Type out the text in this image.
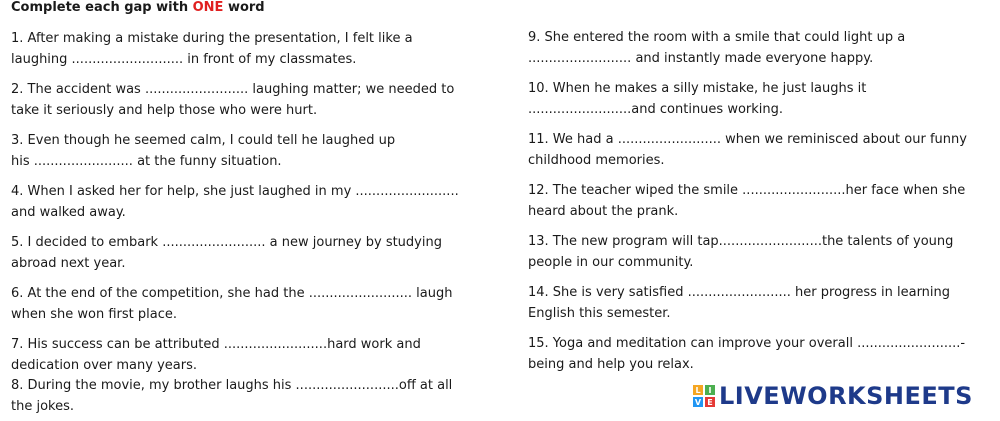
Complete each gap with ONE word

1. After making a mistake during the presentation, I felt like a laughing ........................... in front of my classmates.

2. The accident was ......................... laughing matter; we needed to take it seriously and help those who were hurt.

3. Even though he seemed calm, I could tell he laughed up his ........................ at the funny situation.

4. When I asked her for help, she just laughed in my ......................... and walked away.

5. I decided to embark ......................... a new journey by studying abroad next year.

6. At the end of the competition, she had the ......................... laugh when she won first place.

7. His success can be attributed .........................hard work and dedication over many years.

8. During the movie, my brother laughs his .........................off at all the jokes.

9. She entered the room with a smile that could light up a ......................... and instantly made everyone happy.

10. When he makes a silly mistake, he just laughs it .........................and continues working.

11. We had a ......................... when we reminisced about our funny childhood memories.

12. The teacher wiped the smile .........................her face when she heard about the prank.

13. The new program will tap.........................the talents of young people in our community.

14. She is very satisfied ......................... her progress in learning English this semester.

15. Yoga and meditation can improve your overall .........................-being and help you relax.

L I
V E LIVEWORKSHEETS
